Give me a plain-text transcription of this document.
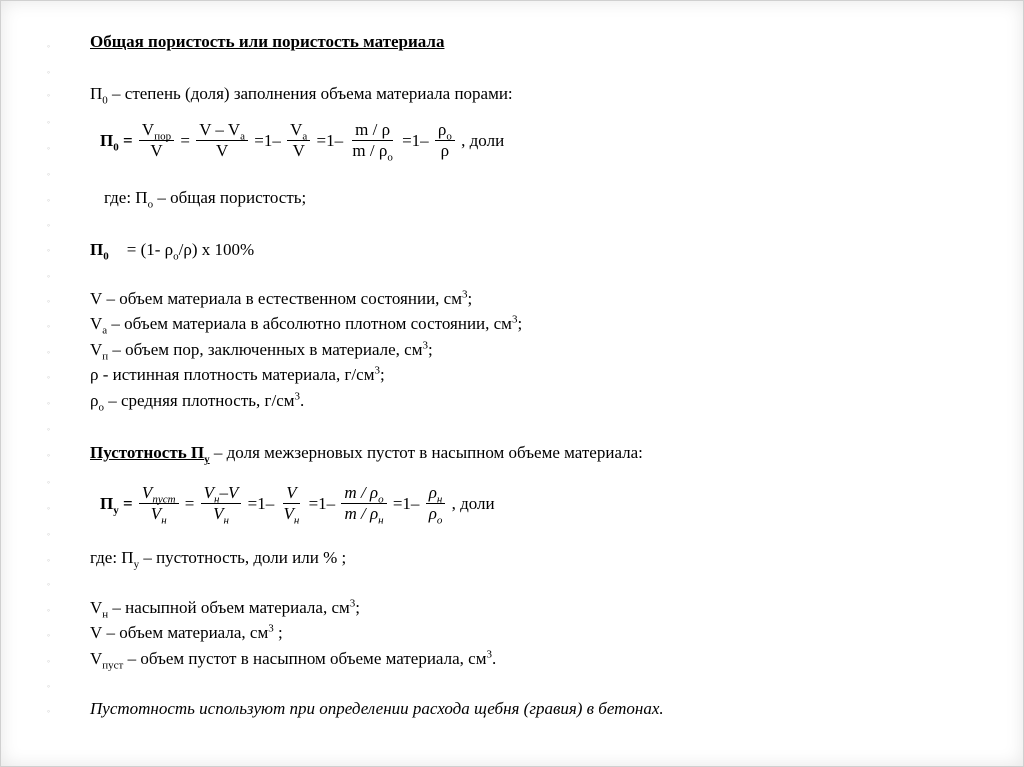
◦
◦
◦
◦
◦
◦
◦
◦
◦
◦
◦
◦
◦
◦
◦
◦
◦
◦
◦
◦
◦
◦
◦
◦
◦
◦
◦
Общая пористость или пористость материала
$П_0$ – степень (доля) заполнения объема материала порами:
$П_0 = \frac{V_{пор}}{V} = \frac{V - V_a}{V} =1- \frac{V_a}{V} =1- \frac{m / \rho}{m / \rho_o} =1- \frac{\rho_o}{\rho}$ , доли
где: $П_о$ – общая пористость;
$П_0 = (1-$ $\rho_о/\rho$) х 100%
V – объем материала в естественном состоянии, $см^3$;
$V_а$ – объем материала в абсолютно плотном состоянии, $см^3$;
$V_п$ – объем пор, заключенных в материале, $см^3$;
ρ - истинная плотность материала, $г/см^3$;
$\rho_о$ – средняя плотность, $г/см^3$.
Пустотность $П_у$ – доля межзерновых пустот в насыпном объеме материала:
$П_у = \frac{V_{пуст}}{V_н} = \frac{V_н-V}{V_н} =1- \frac{V}{V_н} =1- \frac{m / \rho_o}{m / \rho_н} =1- \frac{\rho_н}{\rho_o}$ , доли
где: $П_у$ – пустотность, доли или % ;
$V_н$ – насыпной объем материала, $см^3$;
V – объем материала, $см^3$ ;
$V_{пуст}$ – объем пустот в насыпном объеме материала, $см^3$.
Пустотность используют при определении расхода щебня (гравия) в бетонах.
